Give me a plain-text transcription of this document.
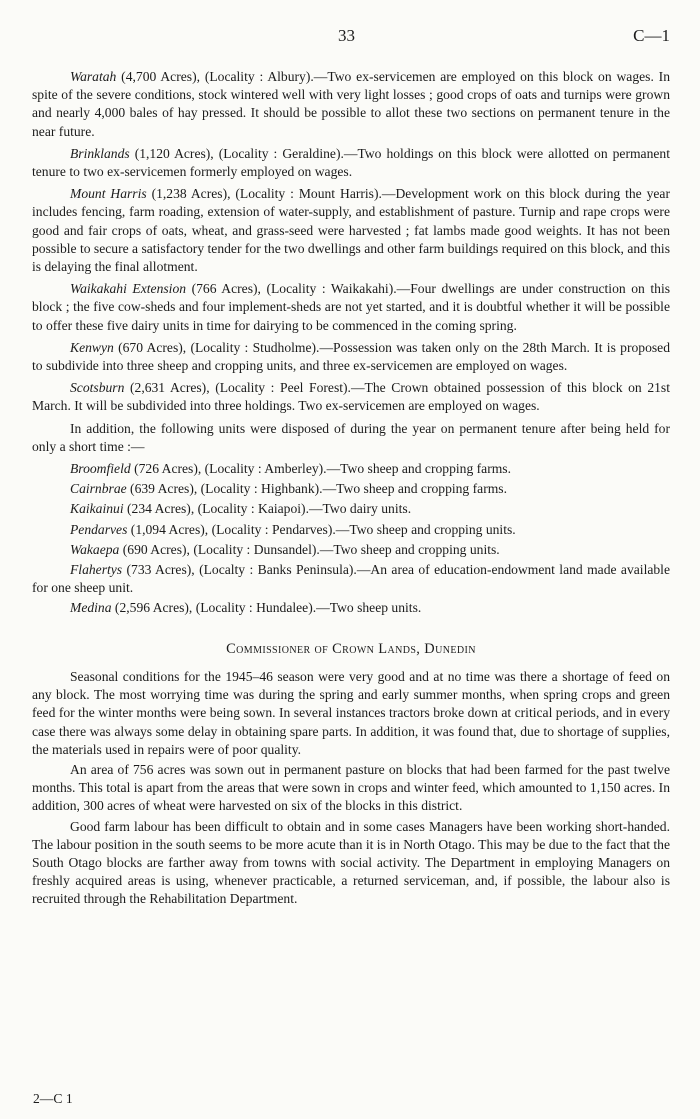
33	C—1

Waratah (4,700 Acres), (Locality : Albury).—Two ex-servicemen are employed on this block on wages. In spite of the severe conditions, stock wintered well with very light losses ; good crops of oats and turnips were grown and nearly 4,000 bales of hay pressed. It should be possible to allot these two sections on permanent tenure in the near future.

Brinklands (1,120 Acres), (Locality : Geraldine).—Two holdings on this block were allotted on permanent tenure to two ex-servicemen formerly employed on wages.

Mount Harris (1,238 Acres), (Locality : Mount Harris).—Development work on this block during the year includes fencing, farm roading, extension of water-supply, and establishment of pasture. Turnip and rape crops were good and fair crops of oats, wheat, and grass-seed were harvested ; fat lambs made good weights. It has not been possible to secure a satisfactory tender for the two dwellings and other farm buildings required on this block, and this is delaying the final allotment.

Waikakahi Extension (766 Acres), (Locality : Waikakahi).—Four dwellings are under construction on this block ; the five cow-sheds and four implement-sheds are not yet started, and it is doubtful whether it will be possible to offer these five dairy units in time for dairying to be commenced in the coming spring.

Kenwyn (670 Acres), (Locality : Studholme).—Possession was taken only on the 28th March. It is proposed to subdivide into three sheep and cropping units, and three ex-servicemen are employed on wages.

Scotsburn (2,631 Acres), (Locality : Peel Forest).—The Crown obtained possession of this block on 21st March. It will be subdivided into three holdings. Two ex-servicemen are employed on wages.

In addition, the following units were disposed of during the year on permanent tenure after being held for only a short time :—

Broomfield (726 Acres), (Locality : Amberley).—Two sheep and cropping farms.

Cairnbrae (639 Acres), (Locality : Highbank).—Two sheep and cropping farms.

Kaikainui (234 Acres), (Locality : Kaiapoi).—Two dairy units.

Pendarves (1,094 Acres), (Locality : Pendarves).—Two sheep and cropping units.

Wakaepa (690 Acres), (Locality : Dunsandel).—Two sheep and cropping units.

Flahertys (733 Acres), (Localty : Banks Peninsula).—An area of education-endowment land made available for one sheep unit.

Medina (2,596 Acres), (Locality : Hundalee).—Two sheep units.

Commissioner of Crown Lands, Dunedin

Seasonal conditions for the 1945–46 season were very good and at no time was there a shortage of feed on any block. The most worrying time was during the spring and early summer months, when spring crops and green feed for the winter months were being sown. In several instances tractors broke down at critical periods, and in every case there was always some delay in obtaining spare parts. In addition, it was found that, due to shortage of supplies, the materials used in repairs were of poor quality.

An area of 756 acres was sown out in permanent pasture on blocks that had been farmed for the past twelve months. This total is apart from the areas that were sown in crops and winter feed, which amounted to 1,150 acres. In addition, 300 acres of wheat were harvested on six of the blocks in this district.

Good farm labour has been difficult to obtain and in some cases Managers have been working short-handed. The labour position in the south seems to be more acute than it is in North Otago. This may be due to the fact that the South Otago blocks are farther away from towns with social activity. The Department in employing Managers on freshly acquired areas is using, whenever practicable, a returned serviceman, and, if possible, the labour also is recruited through the Rehabilitation Department.

2—C 1
